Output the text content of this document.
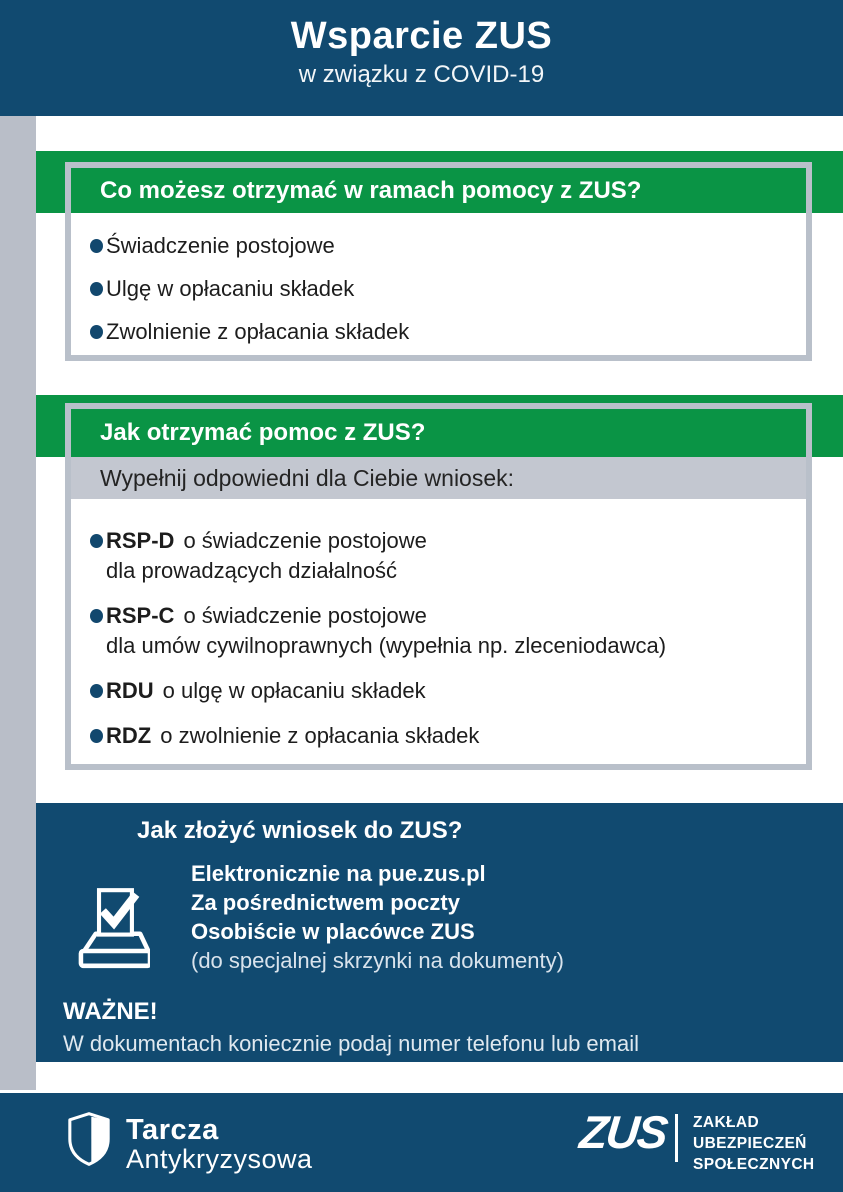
Wsparcie ZUS
w związku z COVID-19
Co możesz otrzymać w ramach pomocy z ZUS?
Świadczenie postojowe
Ulgę w opłacaniu składek
Zwolnienie z opłacania składek
Jak otrzymać pomoc z ZUS?
Wypełnij odpowiedni dla Ciebie wniosek:
RSP-D o świadczenie postojowe
dla prowadzących działalność
RSP-C o świadczenie postojowe
dla umów cywilnoprawnych (wypełnia np. zleceniodawca)
RDU o ulgę w opłacaniu składek
RDZ o zwolnienie z opłacania składek
Jak złożyć wniosek do ZUS?
Elektronicznie na pue.zus.pl
Za pośrednictwem poczty
Osobiście w placówce ZUS
(do specjalnej skrzynki na dokumenty)
WAŻNE!
W dokumentach koniecznie podaj numer telefonu lub email
Tarcza
Antykryzysowa
ZUS ZAKŁAD
UBEZPIECZEŃ
SPOŁECZNYCH
